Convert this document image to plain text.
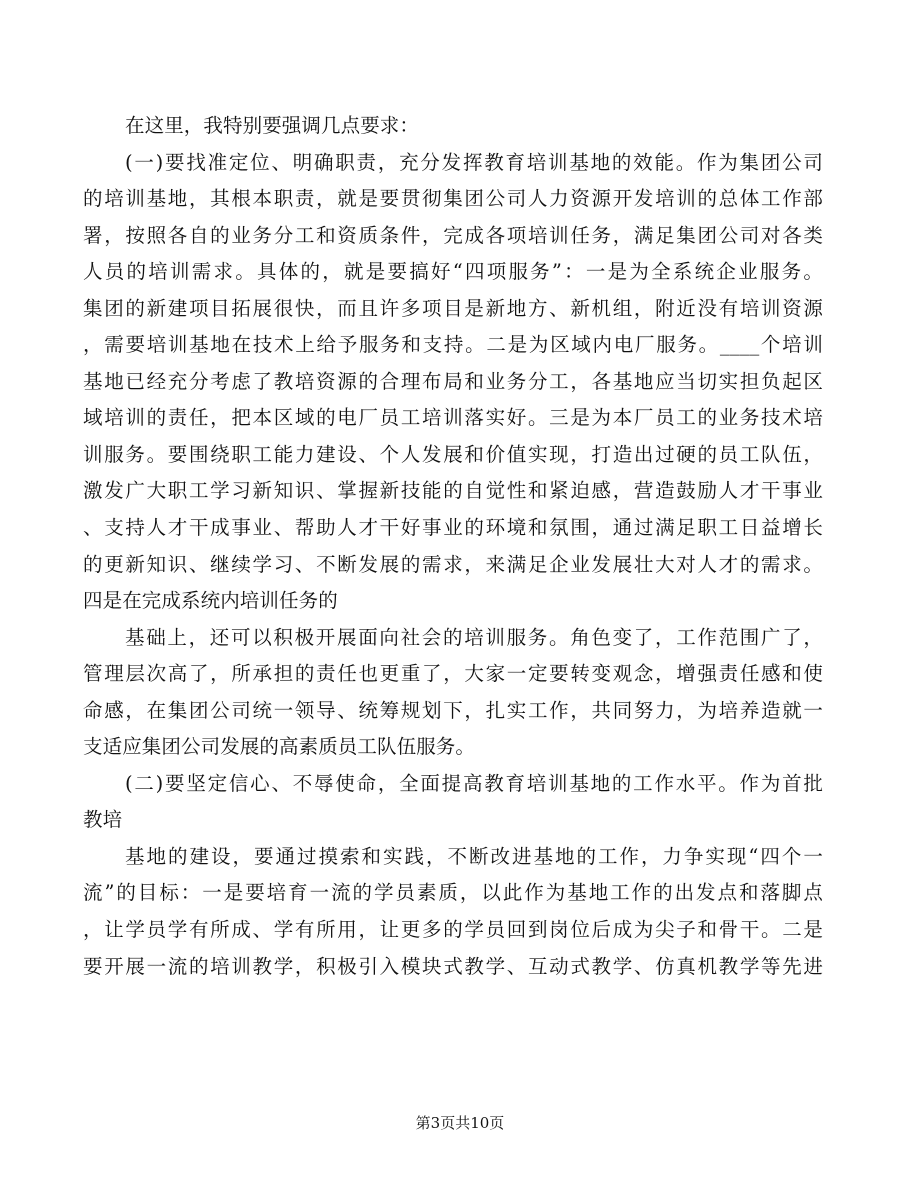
在这里，我特别要强调几点要求：
(一)要找准定位、明确职责，充分发挥教育培训基地的效能。作为集团公司
的培训基地，其根本职责，就是要贯彻集团公司人力资源开发培训的总体工作部
署，按照各自的业务分工和资质条件，完成各项培训任务，满足集团公司对各类
人员的培训需求。具体的，就是要搞好“四项服务”：一是为全系统企业服务。
集团的新建项目拓展很快，而且许多项目是新地方、新机组，附近没有培训资源
，需要培训基地在技术上给予服务和支持。二是为区域内电厂服务。____个培训
基地已经充分考虑了教培资源的合理布局和业务分工，各基地应当切实担负起区
域培训的责任，把本区域的电厂员工培训落实好。三是为本厂员工的业务技术培
训服务。要围绕职工能力建设、个人发展和价值实现，打造出过硬的员工队伍，
激发广大职工学习新知识、掌握新技能的自觉性和紧迫感，营造鼓励人才干事业
、支持人才干成事业、帮助人才干好事业的环境和氛围，通过满足职工日益增长
的更新知识、继续学习、不断发展的需求，来满足企业发展壮大对人才的需求。
四是在完成系统内培训任务的
基础上，还可以积极开展面向社会的培训服务。角色变了，工作范围广了，
管理层次高了，所承担的责任也更重了，大家一定要转变观念，增强责任感和使
命感，在集团公司统一领导、统筹规划下，扎实工作，共同努力，为培养造就一
支适应集团公司发展的高素质员工队伍服务。
(二)要坚定信心、不辱使命，全面提高教育培训基地的工作水平。作为首批
教培
基地的建设，要通过摸索和实践，不断改进基地的工作，力争实现“四个一
流”的目标：一是要培育一流的学员素质，以此作为基地工作的出发点和落脚点
，让学员学有所成、学有所用，让更多的学员回到岗位后成为尖子和骨干。二是
要开展一流的培训教学，积极引入模块式教学、互动式教学、仿真机教学等先进
第3页共10页
